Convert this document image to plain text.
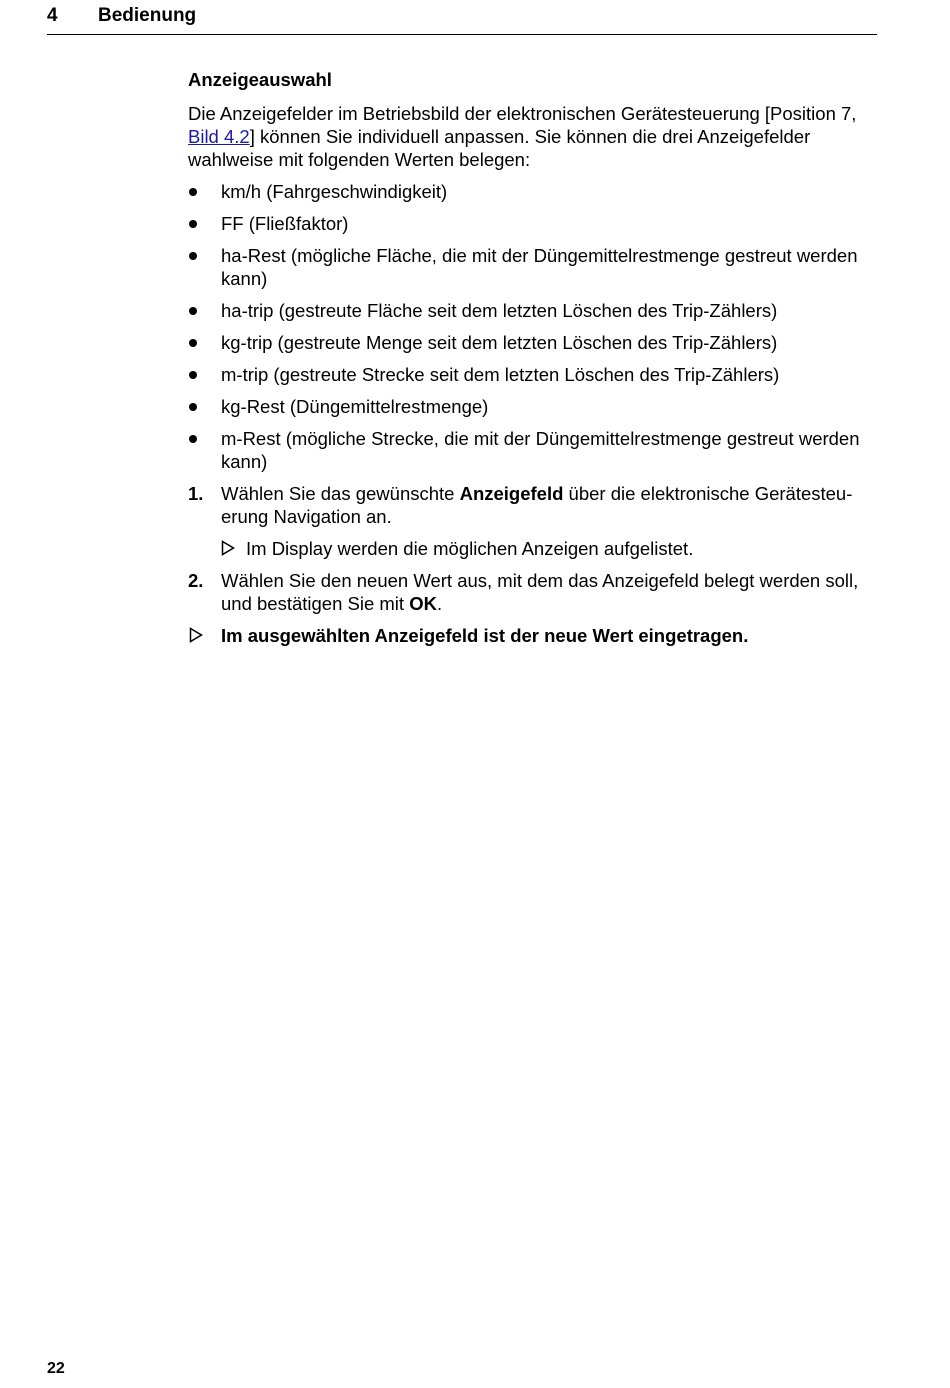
4 Bedienung
Anzeigeauswahl

Die Anzeigefelder im Betriebsbild der elektronischen Gerätesteuerung [Position 7, Bild 4.2] können Sie individuell anpassen. Sie können die drei Anzeigefelder wahlweise mit folgenden Werten belegen:

km/h (Fahrgeschwindigkeit)
FF (Fließfaktor)
ha-Rest (mögliche Fläche, die mit der Düngemittelrestmenge gestreut werden kann)
ha-trip (gestreute Fläche seit dem letzten Löschen des Trip-Zählers)
kg-trip (gestreute Menge seit dem letzten Löschen des Trip-Zählers)
m-trip (gestreute Strecke seit dem letzten Löschen des Trip-Zählers)
kg-Rest (Düngemittelrestmenge)
m-Rest (mögliche Strecke, die mit der Düngemittelrestmenge gestreut werden kann)
1. Wählen Sie das gewünschte Anzeigefeld über die elektronische Gerätesteuerung Navigation an.
Im Display werden die möglichen Anzeigen aufgelistet.
2. Wählen Sie den neuen Wert aus, mit dem das Anzeigefeld belegt werden soll, und bestätigen Sie mit OK.
Im ausgewählten Anzeigefeld ist der neue Wert eingetragen.
22
